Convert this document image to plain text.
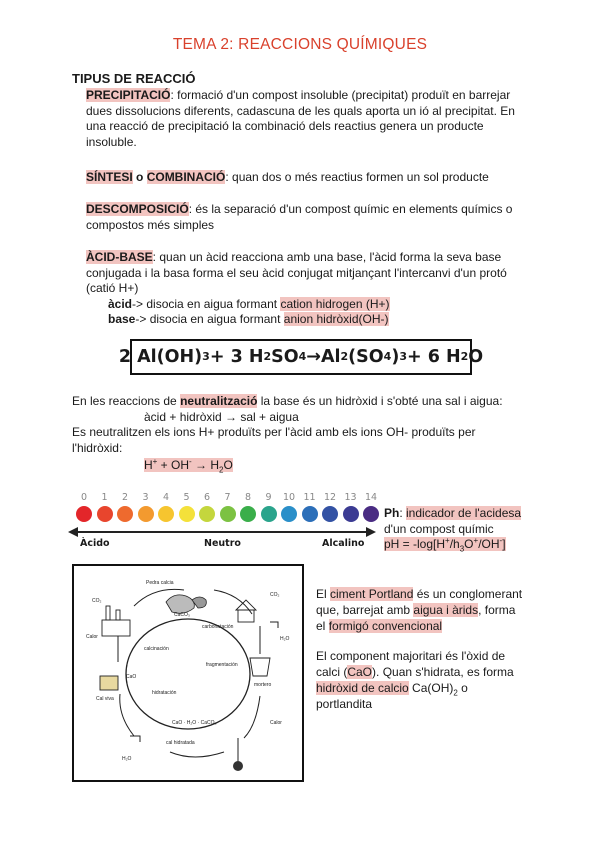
TEMA 2: REACCIONS QUÍMIQUES
TIPUS DE REACCIÓ
PRECIPITACIÓ: formació d'un compost insoluble (precipitat) produït en barrejar
dues dissolucions diferents, cadascuna de les quals aporta un ió al precipitat. En
una reacció de precipitació la combinació dels reactius genera un producte
insoluble.
SÍNTESI o COMBINACIÓ: quan dos o més reactius formen un sol producte
DESCOMPOSICIÓ: és la separació d'un compost químic en elements químics o
compostos més simples
ÀCID-BASE: quan un àcid reacciona amb una base, l'àcid forma la seva base
conjugada i la basa forma el seu àcid conjugat mitjançant l'intercanvi d'un protó
(catió H+)
àcid-> disocia en aigua formant cation hidrogen (H+)
base-> disocia en aigua formant anion hidròxid(OH-)
2 Al(OH) 3 + 3 H 2 SO 4 → Al 2 (SO 4 ) 3 + 6 H 2 O
En les reaccions de neutralització la base és un hidròxid i s'obté una sal i aigua:
àcid + hidròxid → sal + aigua
Es neutralitzen els ions H+ produïts per l'àcid amb els ions OH- produïts per
l'hidròxid:
$H^+ + OH^- \to H_2O$
0	1	2	3	4	5	6	7	8	9	10 11 12 13 14
Àcido	Neutro	Alcalino
Ph: indicador de l'acidesa
d'un compost químic
pH = $-\log[H^+/h_3O^+/OH^-]$
Pedra calcia
CaCO₃
CO₂
Calor
CaO
Cal viva
CO₂
H₂O
mortero
carbonatación
Calor
CaO · H₂O · CaCO₃
cal hidratada
hidratación
H₂O
calcinación
fragmentación
El ciment Portland és un conglomerant
que, barrejat amb aigua i àrids, forma
el formigó convencional
El component majoritari és l'òxid de
calci (CaO). Quan s'hidrata, es forma
hidròxid de calcio $Ca(OH)_2$ o
portlandita
